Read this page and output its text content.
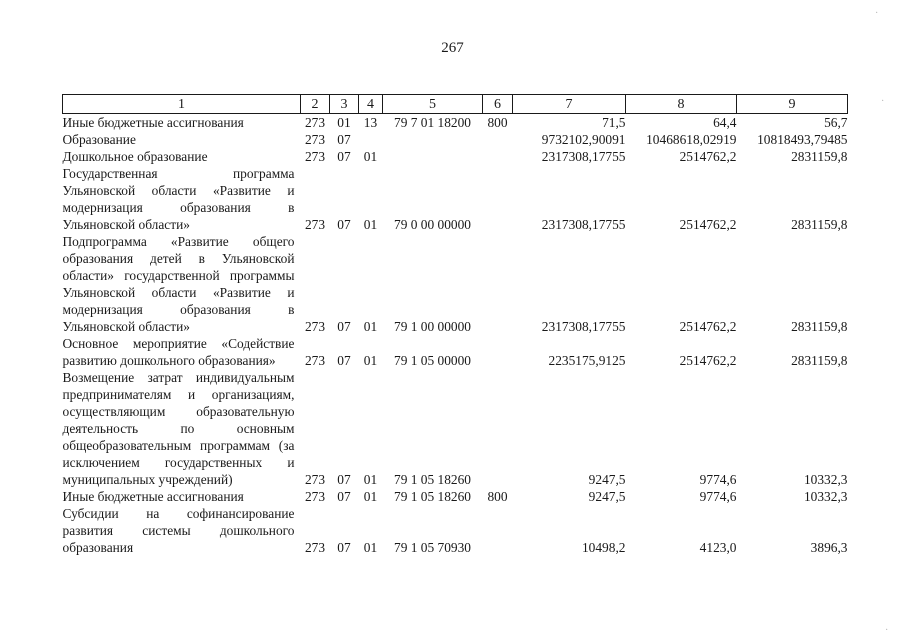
267
·
·
·
1	2	3	4	5	6	7	8	9
Иные бюджетные ассигнования	273	01	13	79 7 01 18200	800	71,5	64,4	56,7
Образование	273	07				9732102,90091	10468618,02919	10818493,79485
Дошкольное образование	273	07	01			2317308,17755	2514762,2	2831159,8
Государственная программа Ульяновской области «Развитие и модернизация образования в Ульяновской области»	273	07	01	79 0 00 00000		2317308,17755	2514762,2	2831159,8
Подпрограмма «Развитие общего образования детей в Ульяновской области» государственной программы Ульяновской области «Развитие и модернизация образования в Ульяновской области»	273	07	01	79 1 00 00000		2317308,17755	2514762,2	2831159,8
Основное мероприятие «Содействие развитию дошкольного образования»	273	07	01	79 1 05 00000		2235175,9125	2514762,2	2831159,8
Возмещение затрат индивидуальным предпринимателям и организациям, осуществляющим образовательную деятельность по основным общеобразовательным программам (за исключением государственных и муниципальных учреждений)	273	07	01	79 1 05 18260		9247,5	9774,6	10332,3
Иные бюджетные ассигнования	273	07	01	79 1 05 18260	800	9247,5	9774,6	10332,3
Субсидии на софинансирование развития системы дошкольного образования	273	07	01	79 1 05 70930		10498,2	4123,0	3896,3
